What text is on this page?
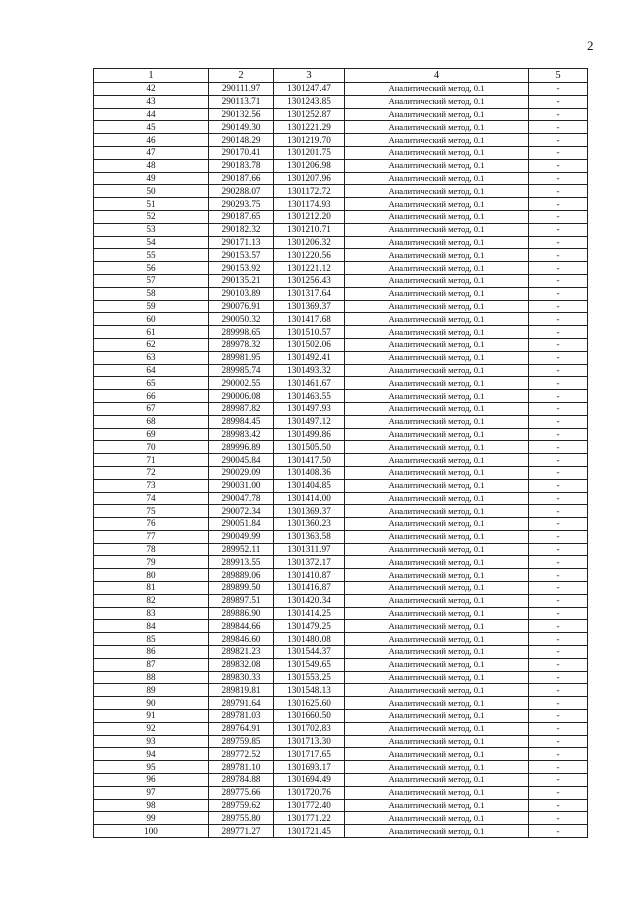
2
1	2	3	4	5
42	290111.97	1301247.47	Аналитический метод, 0.1	-
43	290113.71	1301243.85	Аналитический метод, 0.1	-
44	290132.56	1301252.87	Аналитический метод, 0.1	-
45	290149.30	1301221.29	Аналитический метод, 0.1	-
46	290148.29	1301219.70	Аналитический метод, 0.1	-
47	290170.41	1301201.75	Аналитический метод, 0.1	-
48	290183.78	1301206.98	Аналитический метод, 0.1	-
49	290187.66	1301207.96	Аналитический метод, 0.1	-
50	290288.07	1301172.72	Аналитический метод, 0.1	-
51	290293.75	1301174.93	Аналитический метод, 0.1	-
52	290187.65	1301212.20	Аналитический метод, 0.1	-
53	290182.32	1301210.71	Аналитический метод, 0.1	-
54	290171.13	1301206.32	Аналитический метод, 0.1	-
55	290153.57	1301220.56	Аналитический метод, 0.1	-
56	290153.92	1301221.12	Аналитический метод, 0.1	-
57	290135.21	1301256.43	Аналитический метод, 0.1	-
58	290103.89	1301317.64	Аналитический метод, 0.1	-
59	290076.91	1301369.37	Аналитический метод, 0.1	-
60	290050.32	1301417.68	Аналитический метод, 0.1	-
61	289998.65	1301510.57	Аналитический метод, 0.1	-
62	289978.32	1301502.06	Аналитический метод, 0.1	-
63	289981.95	1301492.41	Аналитический метод, 0.1	-
64	289985.74	1301493.32	Аналитический метод, 0.1	-
65	290002.55	1301461.67	Аналитический метод, 0.1	-
66	290006.08	1301463.55	Аналитический метод, 0.1	-
67	289987.82	1301497.93	Аналитический метод, 0.1	-
68	289984.45	1301497.12	Аналитический метод, 0.1	-
69	289983.42	1301499.86	Аналитический метод, 0.1	-
70	289996.89	1301505.50	Аналитический метод, 0.1	-
71	290045.84	1301417.50	Аналитический метод, 0.1	-
72	290029.09	1301408.36	Аналитический метод, 0.1	-
73	290031.00	1301404.85	Аналитический метод, 0.1	-
74	290047.78	1301414.00	Аналитический метод, 0.1	-
75	290072.34	1301369.37	Аналитический метод, 0.1	-
76	290051.84	1301360.23	Аналитический метод, 0.1	-
77	290049.99	1301363.58	Аналитический метод, 0.1	-
78	289952.11	1301311.97	Аналитический метод, 0.1	-
79	289913.55	1301372.17	Аналитический метод, 0.1	-
80	289889.06	1301410.87	Аналитический метод, 0.1	-
81	289899.50	1301416.87	Аналитический метод, 0.1	-
82	289897.51	1301420.34	Аналитический метод, 0.1	-
83	289886.90	1301414.25	Аналитический метод, 0.1	-
84	289844.66	1301479.25	Аналитический метод, 0.1	-
85	289846.60	1301480.08	Аналитический метод, 0.1	-
86	289821.23	1301544.37	Аналитический метод, 0.1	-
87	289832.08	1301549.65	Аналитический метод, 0.1	-
88	289830.33	1301553.25	Аналитический метод, 0.1	-
89	289819.81	1301548.13	Аналитический метод, 0.1	-
90	289791.64	1301625.60	Аналитический метод, 0.1	-
91	289781.03	1301660.50	Аналитический метод, 0.1	-
92	289764.91	1301702.83	Аналитический метод, 0.1	-
93	289759.85	1301713.30	Аналитический метод, 0.1	-
94	289772.52	1301717.65	Аналитический метод, 0.1	-
95	289781.10	1301693.17	Аналитический метод, 0.1	-
96	289784.88	1301694.49	Аналитический метод, 0.1	-
97	289775.66	1301720.76	Аналитический метод, 0.1	-
98	289759.62	1301772.40	Аналитический метод, 0.1	-
99	289755.80	1301771.22	Аналитический метод, 0.1	-
100	289771.27	1301721.45	Аналитический метод, 0.1	-
